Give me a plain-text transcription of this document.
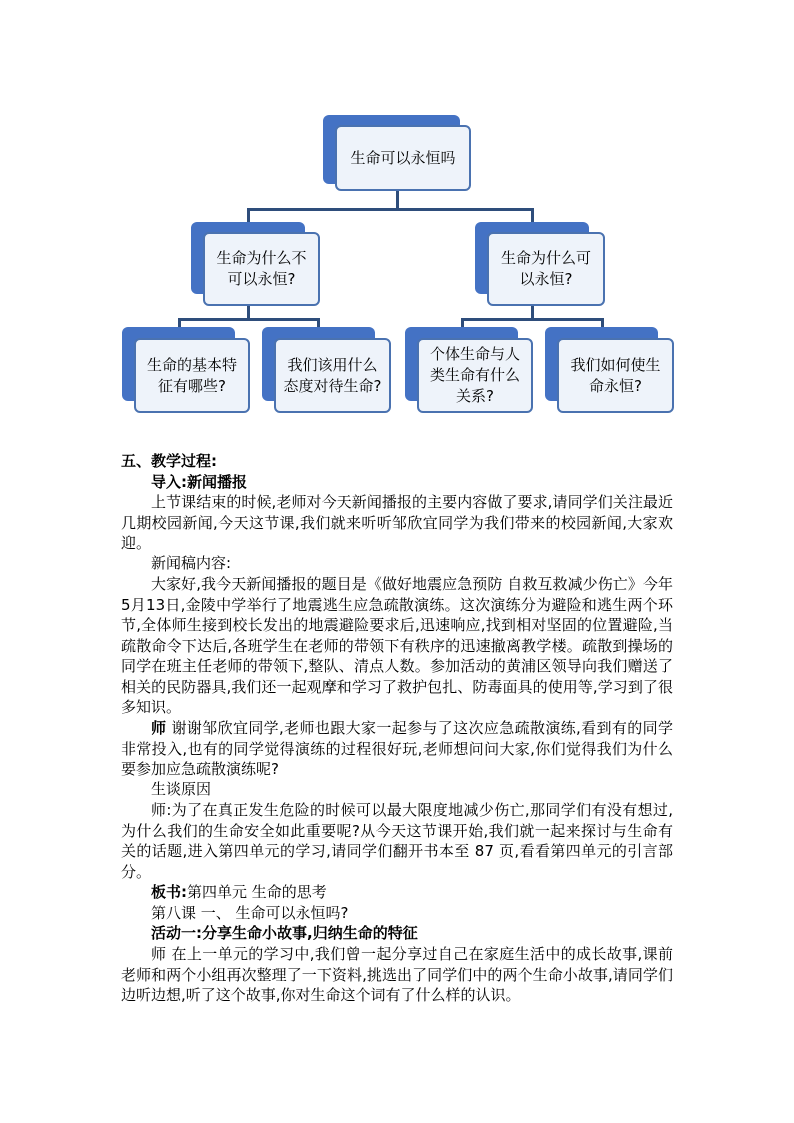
生命可以永恒吗
生命为什么不可以永恒?
生命为什么可以永恒?
生命的基本特征有哪些?
我们该用什么态度对待生命?
个体生命与人类生命有什么关系?
我们如何使生命永恒?
五、教学过程:
导入:新闻播报
上节课结束的时候,老师对今天新闻播报的主要内容做了要求,请同学们关注最近几期校园新闻,今天这节课,我们就来听听邹欣宜同学为我们带来的校园新闻,大家欢迎。
新闻稿内容:
大家好,我今天新闻播报的题目是《做好地震应急预防 自救互救减少伤亡》今年 5月13日,金陵中学举行了地震逃生应急疏散演练。这次演练分为避险和逃生两个环节,全体师生接到校长发出的地震避险要求后,迅速响应,找到相对坚固的位置避险,当疏散命令下达后,各班学生在老师的带领下有秩序的迅速撤离教学楼。疏散到操场的同学在班主任老师的带领下,整队、清点人数。参加活动的黄浦区领导向我们赠送了相关的民防器具,我们还一起观摩和学习了救护包扎、防毒面具的使用等,学习到了很多知识。
师 谢谢邹欣宜同学,老师也跟大家一起参与了这次应急疏散演练,看到有的同学非常投入,也有的同学觉得演练的过程很好玩,老师想问问大家,你们觉得我们为什么要参加应急疏散演练呢?
生谈原因
师:为了在真正发生危险的时候可以最大限度地减少伤亡,那同学们有没有想过,为什么我们的生命安全如此重要呢?从今天这节课开始,我们就一起来探讨与生命有关的话题,进入第四单元的学习,请同学们翻开书本至 87 页,看看第四单元的引言部分。
板书:第四单元 生命的思考
第八课 一、 生命可以永恒吗?
活动一:分享生命小故事,归纳生命的特征
师 在上一单元的学习中,我们曾一起分享过自己在家庭生活中的成长故事,课前老师和两个小组再次整理了一下资料,挑选出了同学们中的两个生命小故事,请同学们边听边想,听了这个故事,你对生命这个词有了什么样的认识。
